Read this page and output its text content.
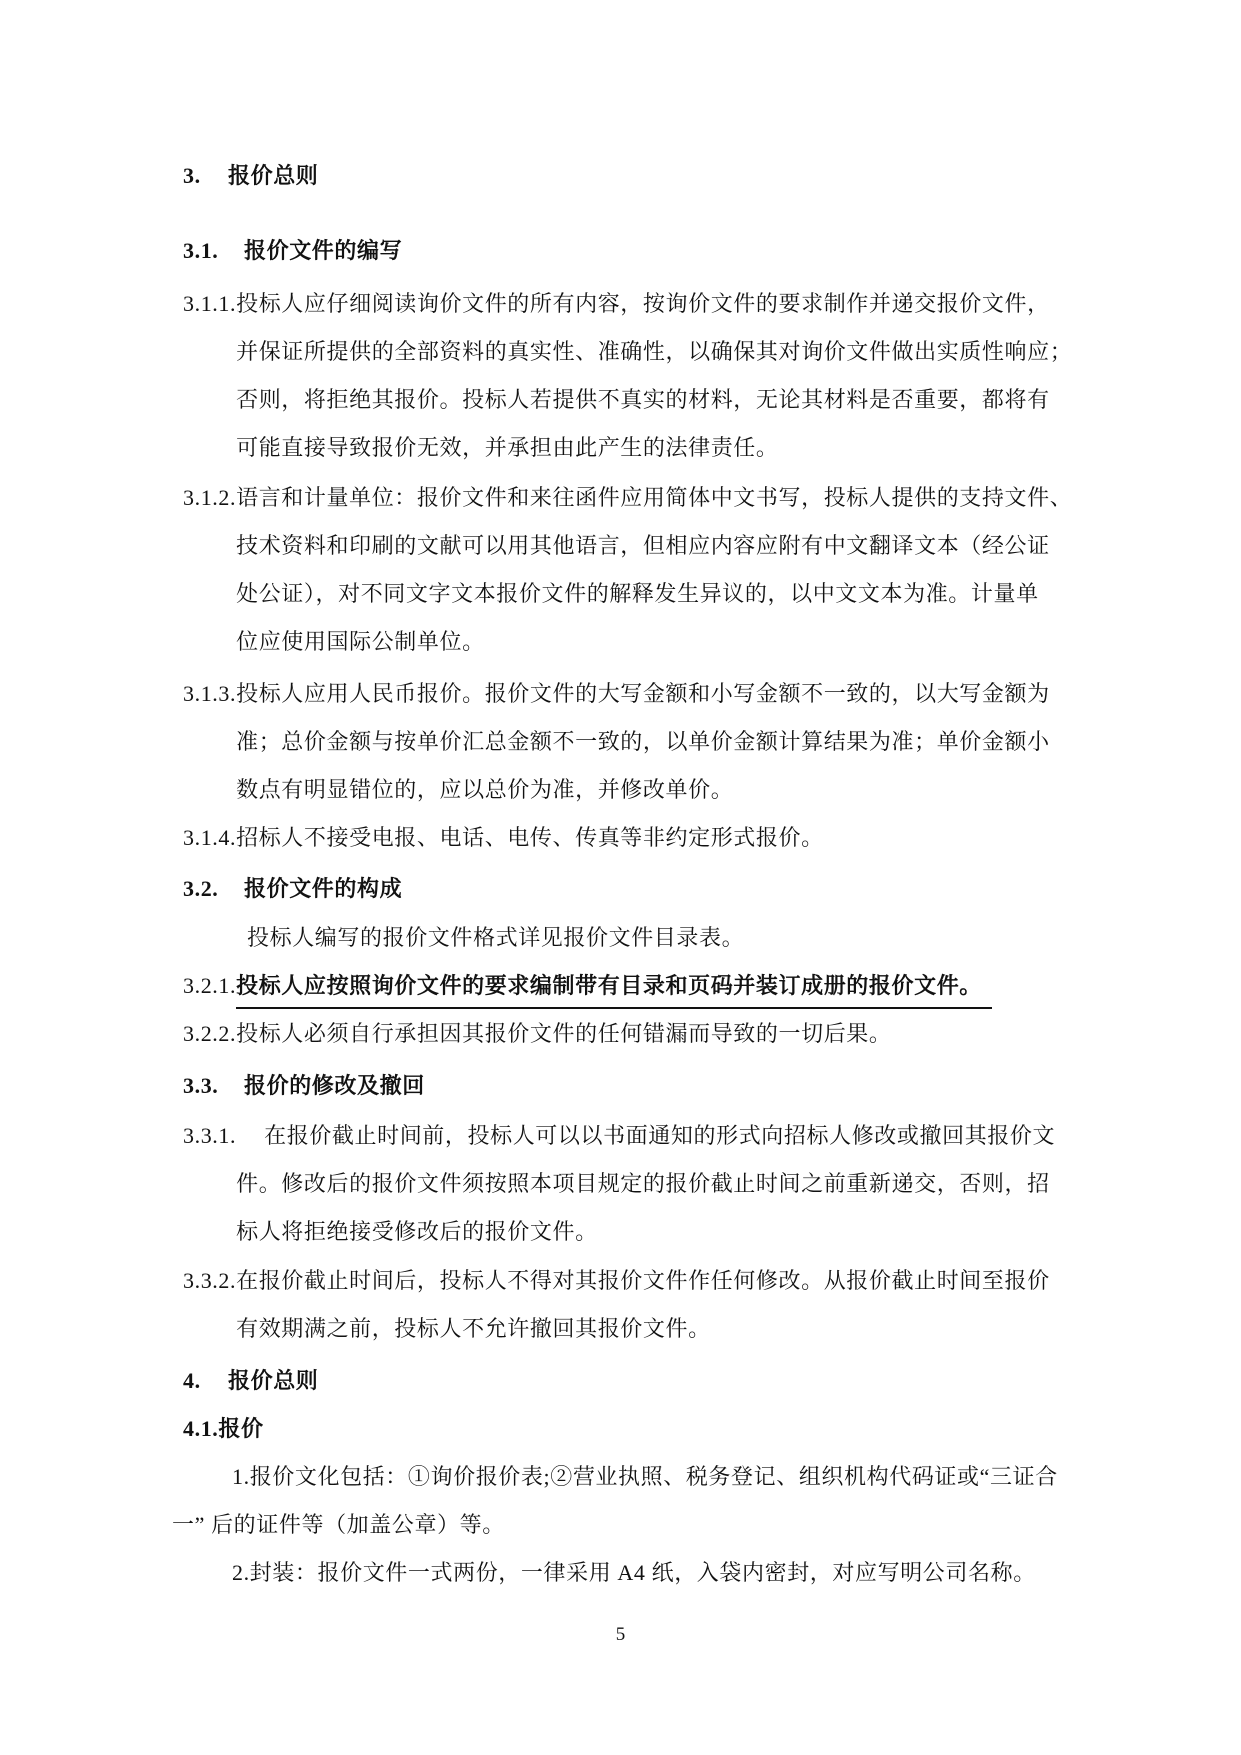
3.	报价总则
3.1.	报价文件的编写
3.1.1. 投标人应仔细阅读询价文件的所有内容，按询价文件的要求制作并递交报价文件，
并保证所提供的全部资料的真实性、准确性，以确保其对询价文件做出实质性响应；
否则，将拒绝其报价。投标人若提供不真实的材料，无论其材料是否重要，都将有
可能直接导致报价无效，并承担由此产生的法律责任。
3.1.2. 语言和计量单位：报价文件和来往函件应用简体中文书写，投标人提供的支持文件、
技术资料和印刷的文献可以用其他语言，但相应内容应附有中文翻译文本（经公证
处公证），对不同文字文本报价文件的解释发生异议的，以中文文本为准。计量单
位应使用国际公制单位。
3.1.3. 投标人应用人民币报价。报价文件的大写金额和小写金额不一致的，以大写金额为
准；总价金额与按单价汇总金额不一致的，以单价金额计算结果为准；单价金额小
数点有明显错位的，应以总价为准，并修改单价。
3.1.4. 招标人不接受电报、电话、电传、传真等非约定形式报价。
3.2.	报价文件的构成
投标人编写的报价文件格式详见报价文件目录表。
3.2.1. 投标人应按照询价文件的要求编制带有目录和页码并装订成册的报价文件。
3.2.2. 投标人必须自行承担因其报价文件的任何错漏而导致的一切后果。
3.3.	报价的修改及撤回
3.3.1.	在报价截止时间前，投标人可以以书面通知的形式向招标人修改或撤回其报价文
件。修改后的报价文件须按照本项目规定的报价截止时间之前重新递交，否则，招
标人将拒绝接受修改后的报价文件。
3.3.2. 在报价截止时间后，投标人不得对其报价文件作任何修改。从报价截止时间至报价
有效期满之前，投标人不允许撤回其报价文件。
4.	报价总则
4.1. 报价
1.报价文化包括：①询价报价表;②营业执照、税务登记、组织机构代码证或“三证合
一” 后的证件等（加盖公章）等。
2.封装：报价文件一式两份，一律采用 A4 纸，入袋内密封，对应写明公司名称。
5
